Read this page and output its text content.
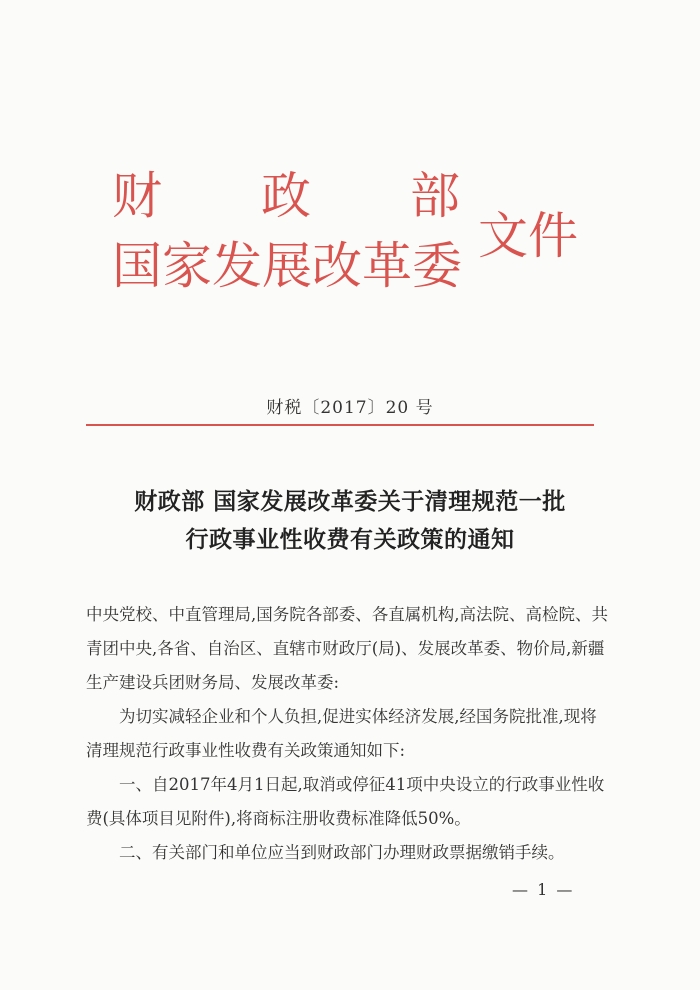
财 政 部
国家发展改革委
文件
财税〔2017〕20 号
财政部 国家发展改革委关于清理规范一批
行政事业性收费有关政策的通知
中央党校、中直管理局,国务院各部委、各直属机构,高法院、高检院、共青团中央,各省、自治区、直辖市财政厅(局)、发展改革委、物价局,新疆生产建设兵团财务局、发展改革委:
为切实减轻企业和个人负担,促进实体经济发展,经国务院批准,现将清理规范行政事业性收费有关政策通知如下:
一、自2017年4月1日起,取消或停征41项中央设立的行政事业性收费(具体项目见附件),将商标注册收费标准降低50%。
二、有关部门和单位应当到财政部门办理财政票据缴销手续。
— 1 —
